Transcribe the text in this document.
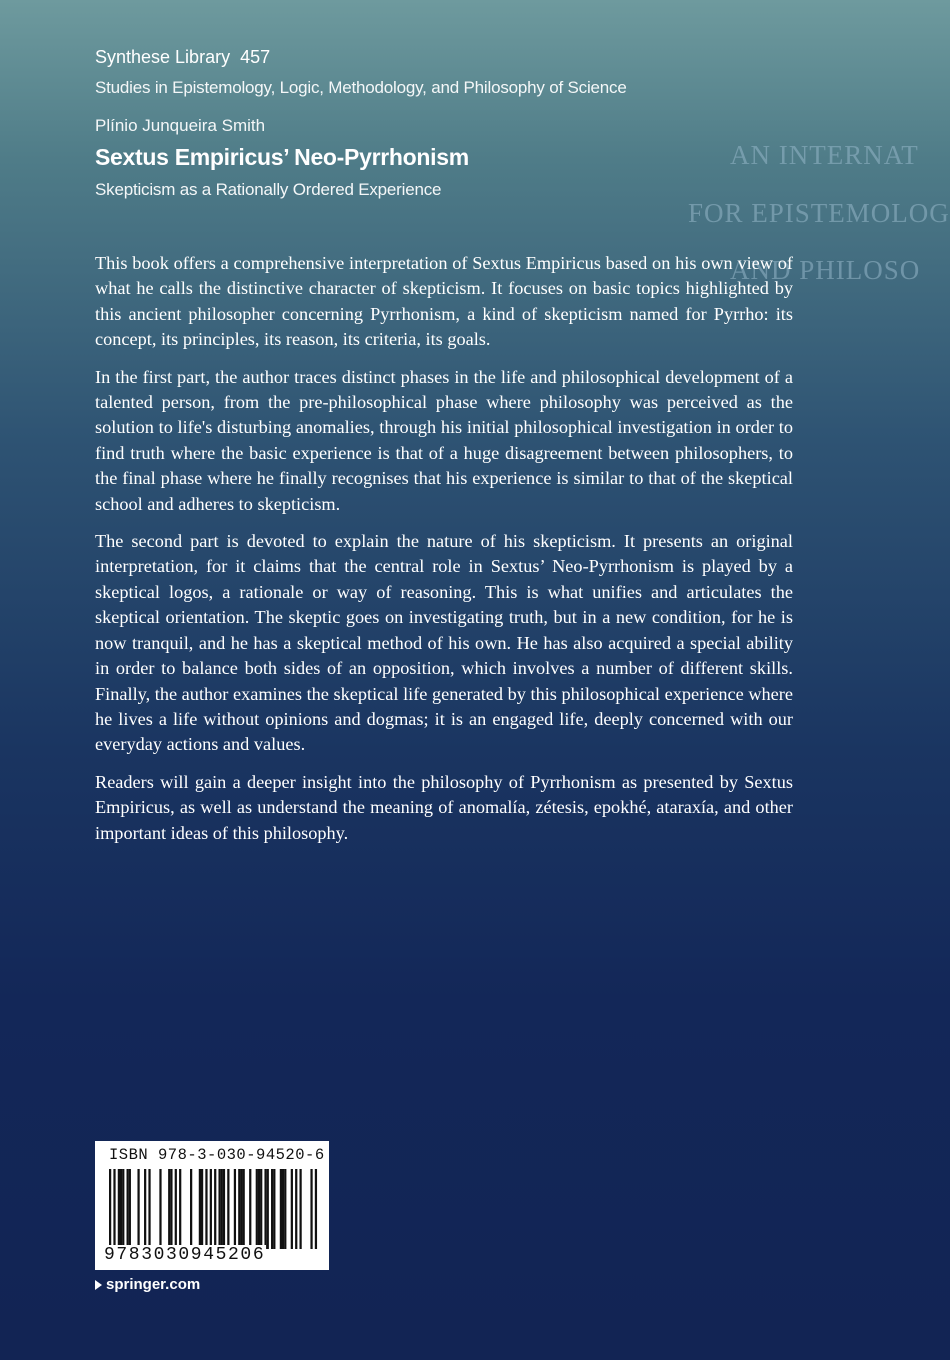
AN INTERNAT
FOR EPISTEMOLOG
AND PHILOSO
Synthese Library 457
Studies in Epistemology, Logic, Methodology, and Philosophy of Science
Plínio Junqueira Smith
Sextus Empiricus’ Neo-Pyrrhonism
Skepticism as a Rationally Ordered Experience

This book offers a comprehensive interpretation of Sextus Empiricus based on his own view of what he calls the distinctive character of skepticism. It focuses on basic topics highlighted by this ancient philosopher concerning Pyrrhonism, a kind of skepticism named for Pyrrho: its concept, its principles, its reason, its criteria, its goals.

In the first part, the author traces distinct phases in the life and philosophical development of a talented person, from the pre-philosophical phase where philosophy was perceived as the solution to life's disturbing anomalies, through his initial philosophical investigation in order to find truth where the basic experience is that of a huge disagreement between philosophers, to the final phase where he finally recognises that his experience is similar to that of the skeptical school and adheres to skepticism.

The second part is devoted to explain the nature of his skepticism. It presents an original interpretation, for it claims that the central role in Sextus’ Neo-Pyrrhonism is played by a skeptical logos, a rationale or way of reasoning. This is what unifies and articulates the skeptical orientation. The skeptic goes on investigating truth, but in a new condition, for he is now tranquil, and he has a skeptical method of his own. He has also acquired a special ability in order to balance both sides of an opposition, which involves a number of different skills. Finally, the author examines the skeptical life generated by this philosophical experience where he lives a life without opinions and dogmas; it is an engaged life, deeply concerned with our everyday actions and values.

Readers will gain a deeper insight into the philosophy of Pyrrhonism as presented by Sextus Empiricus, as well as understand the meaning of anomalía, zétesis, epokhé, ataraxía, and other important ideas of this philosophy.

ISBN 978-3-030-94520-6
9783030945206
springer.com
